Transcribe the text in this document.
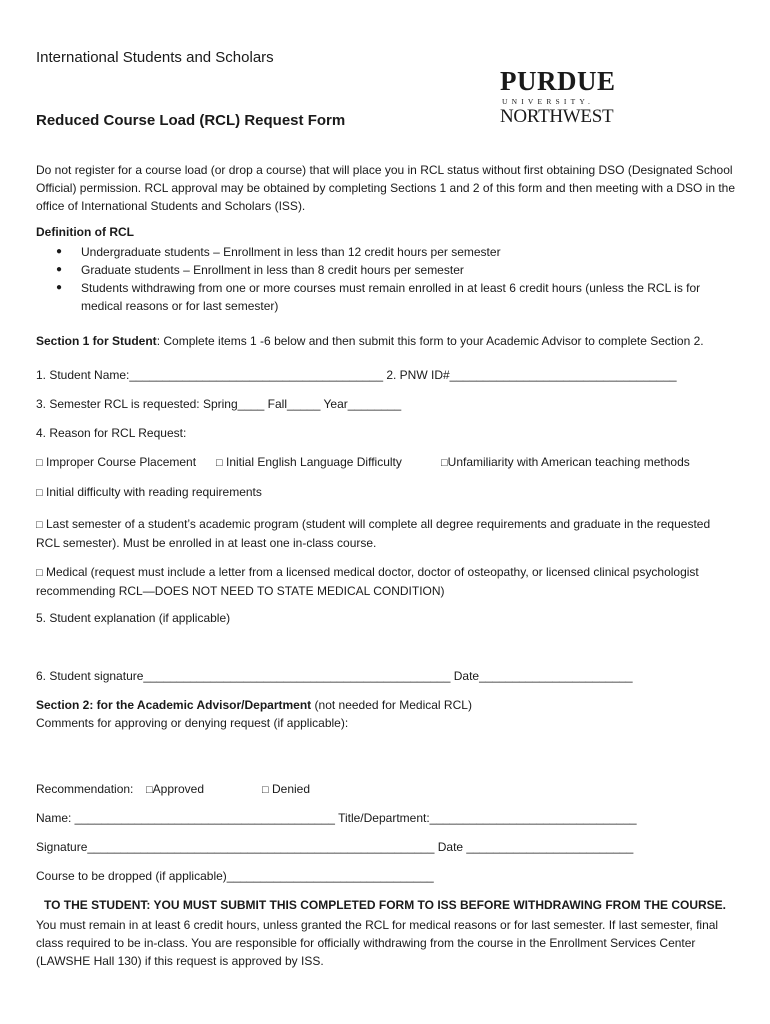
International Students and Scholars
Reduced Course Load (RCL) Request Form
PURDUE
UNIVERSITY.
NORTHWEST
Do not register for a course load (or drop a course) that will place you in RCL status without first obtaining DSO (Designated School Official) permission. RCL approval may be obtained by completing Sections 1 and 2 of this form and then meeting with a DSO in the office of International Students and Scholars (ISS).
Definition of RCL
●	Undergraduate students – Enrollment in less than 12 credit hours per semester
●	Graduate students – Enrollment in less than 8 credit hours per semester
●	Students withdrawing from one or more courses must remain enrolled in at least 6 credit hours (unless the RCL is for medical reasons or for last semester)
Section 1 for Student: Complete items 1 -6 below and then submit this form to your Academic Advisor to complete Section 2.
1. Student Name:______________________________________ 2. PNW ID#__________________________________
3. Semester RCL is requested: Spring____ Fall_____ Year________
4. Reason for RCL Request:
□ Improper Course Placement □ Initial English Language Difficulty	□Unfamiliarity with American teaching methods
□ Initial difficulty with reading requirements
□ Last semester of a student’s academic program (student will complete all degree requirements and graduate in the requested RCL semester). Must be enrolled in at least one in-class course.
□ Medical (request must include a letter from a licensed medical doctor, doctor of osteopathy, or licensed clinical psychologist recommending RCL—DOES NOT NEED TO STATE MEDICAL CONDITION)
5. Student explanation (if applicable)
6. Student signature______________________________________________ Date_______________________
Section 2: for the Academic Advisor/Department (not needed for Medical RCL)
Comments for approving or denying request (if applicable):
Recommendation: □Approved	□ Denied
Name: _______________________________________ Title/Department:_______________________________
Signature____________________________________________________ Date _________________________
Course to be dropped (if applicable)_______________________________
TO THE STUDENT: YOU MUST SUBMIT THIS COMPLETED FORM TO ISS BEFORE WITHDRAWING FROM THE COURSE.
You must remain in at least 6 credit hours, unless granted the RCL for medical reasons or for last semester. If last semester, final class required to be in-class. You are responsible for officially withdrawing from the course in the Enrollment Services Center (LAWSHE Hall 130) if this request is approved by ISS.
